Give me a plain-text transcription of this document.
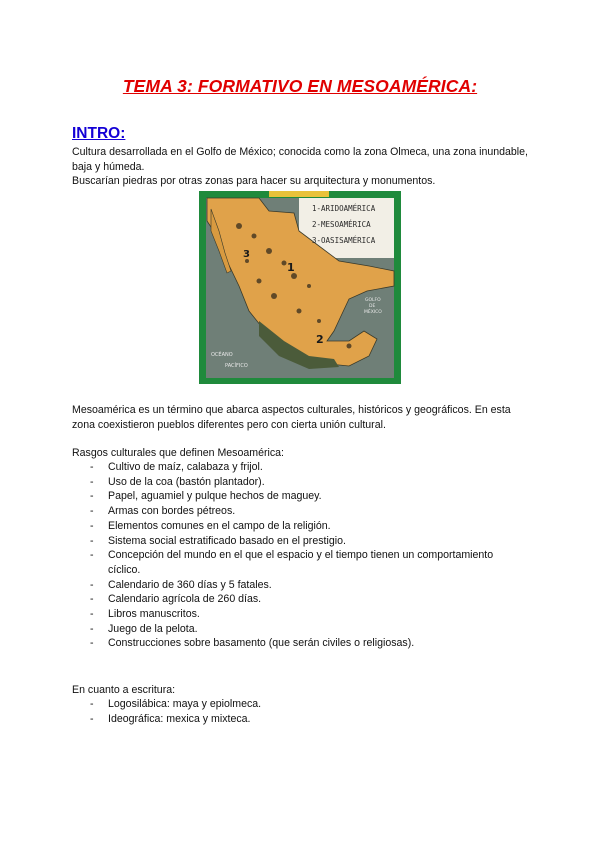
TEMA 3: FORMATIVO EN MESOAMÉRICA:
INTRO:
Cultura desarrollada en el Golfo de México; conocida como la zona Olmeca, una zona inundable, baja y húmeda.
Buscarían piedras por otras zonas para hacer su arquitectura y monumentos.
1-ARIDOAMÉRICA
2-MESOAMÉRICA
3-OASISAMÉRICA
1
2
3
GOLFO
DE
MÉXICO
OCÉANO
PACÍFICO
Mesoamérica es un término que abarca aspectos culturales, históricos y geográficos. En esta zona coexistieron pueblos diferentes pero con cierta unión cultural.
Rasgos culturales que definen Mesoamérica:
- Cultivo de maíz, calabaza y frijol.
- Uso de la coa (bastón plantador).
- Papel, aguamiel y pulque hechos de maguey.
- Armas con bordes pétreos.
- Elementos comunes en el campo de la religión.
- Sistema social estratificado basado en el prestigio.
- Concepción del mundo en el que el espacio y el tiempo tienen un comportamiento cíclico.
- Calendario de 360 días y 5 fatales.
- Calendario agrícola de 260 días.
- Libros manuscritos.
- Juego de la pelota.
- Construcciones sobre basamento (que serán civiles o religiosas).
En cuanto a escritura:
- Logosilábica: maya y epiolmeca.
- Ideográfica: mexica y mixteca.
